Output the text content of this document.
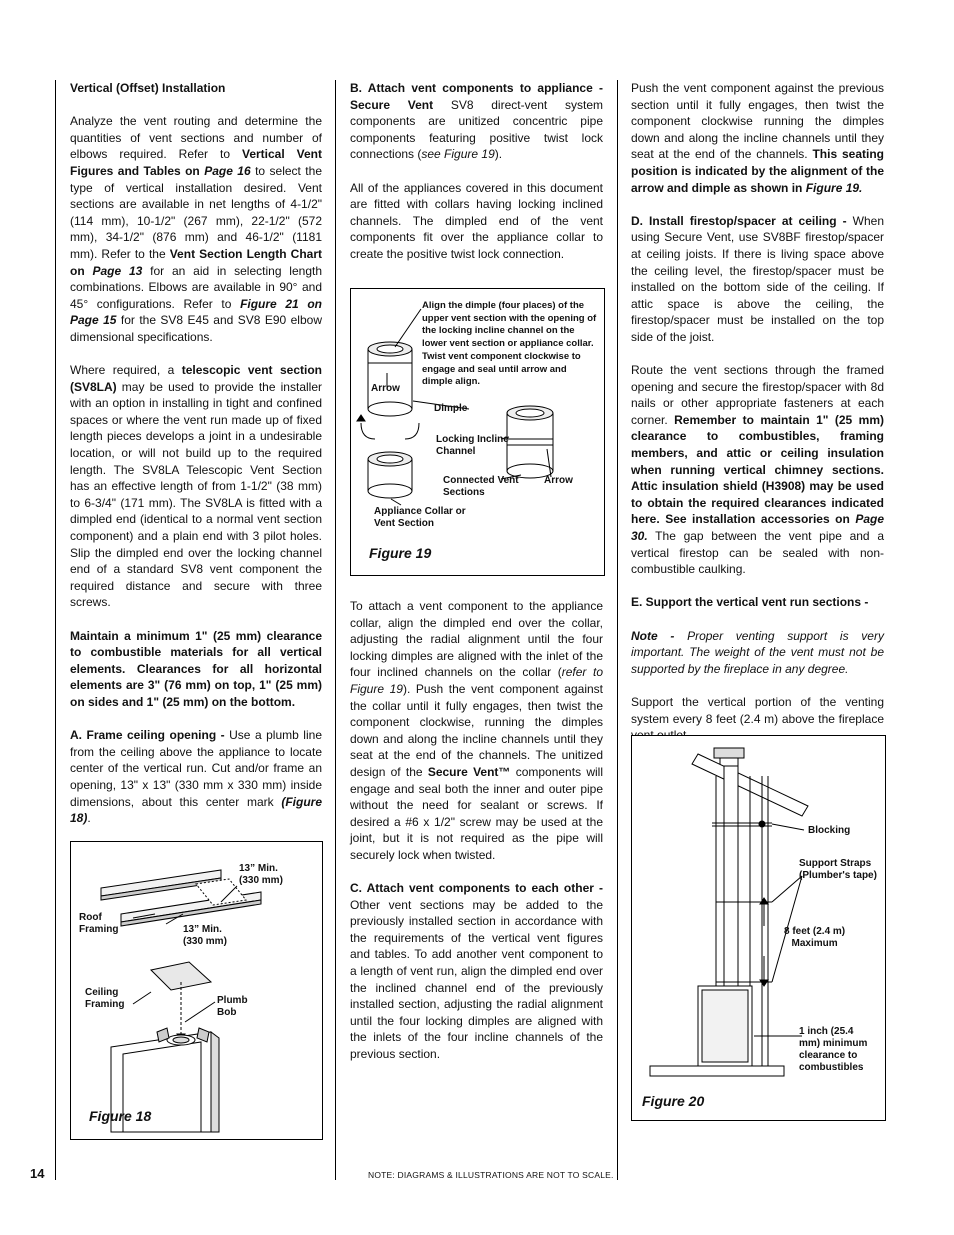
14	NOTE: DIAGRAMS & ILLUSTRATIONS ARE NOT TO SCALE.

Vertical (Offset) Installation

Analyze the vent routing and determine the quantities of vent sections and number of elbows required. Refer to Vertical Vent Figures and Tables on Page 16 to select the type of vertical installation desired. Vent sections are available in net lengths of 4-1/2" (114 mm), 10-1/2" (267 mm), 22-1/2" (572 mm), 34-1/2" (876 mm) and 46-1/2" (1181 mm). Refer to the Vent Section Length Chart on Page 13 for an aid in selecting length combinations. Elbows are available in 90° and 45° configurations. Refer to Figure 21 on Page 15 for the SV8 E45 and SV8 E90 elbow dimensional specifications.

Where required, a telescopic vent section (SV8LA) may be used to provide the installer with an option in installing in tight and confined spaces or where the vent run made up of fixed length pieces develops a joint in a undesirable location, or will not build up to the required length. The SV8LA Telescopic Vent Section has an effective length of from 1-1/2" (38 mm) to 6-3/4" (171 mm). The SV8LA is fitted with a dimpled end (identical to a normal vent section component) and a plain end with 3 pilot holes. Slip the dimpled end over the locking channel end of a standard SV8 vent component the required distance and secure with three screws.

Maintain a minimum 1" (25 mm) clearance to combustible materials for all vertical elements. Clearances for all horizontal elements are 3" (76 mm) on top, 1" (25 mm) on sides and 1" (25 mm) on the bottom.

A. Frame ceiling opening - Use a plumb line from the ceiling above the appliance to locate center of the vertical run. Cut and/or frame an opening, 13" x 13" (330 mm x 330 mm) inside dimensions, about this center mark (Figure 18).

B. Attach vent components to appliance - Secure Vent SV8 direct-vent system components are unitized concentric pipe components featuring positive twist lock connections (see Figure 19).

All of the appliances covered in this document are fitted with collars having locking inclined channels. The dimpled end of the vent components fit over the appliance collar to create the positive twist lock connection.

To attach a vent component to the appliance collar, align the dimpled end over the collar, adjusting the radial alignment until the four locking dimples are aligned with the inlet of the four inclined channels on the collar (refer to Figure 19). Push the vent component against the collar until it fully engages, then twist the component clockwise, running the dimples down and along the incline channels until they seat at the end of the channels. The unitized design of the Secure Vent™ components will engage and seal both the inner and outer pipe without the need for sealant or screws. If desired a #6 x 1/2" screw may be used at the joint, but it is not required as the pipe will securely lock when twisted.

C. Attach vent components to each other - Other vent sections may be added to the previously installed section in accordance with the requirements of the vertical vent figures and tables. To add another vent component to a length of vent run, align the dimpled end over the inclined channel end of the previously installed section, adjusting the radial alignment until the four locking dimples are aligned with the inlets of the four incline channels of the previous section.

Push the vent component against the previous section until it fully engages, then twist the component clockwise running the dimples down and along the incline channels until they seat at the end of the channels. This seating position is indicated by the alignment of the arrow and dimple as shown in Figure 19.

D. Install firestop/spacer at ceiling - When using Secure Vent, use SV8BF firestop/spacer at ceiling joists. If there is living space above the ceiling level, the firestop/spacer must be installed on the bottom side of the ceiling. If attic space is above the ceiling, the firestop/spacer must be installed on the top side of the joist.

Route the vent sections through the framed opening and secure the firestop/spacer with 8d nails or other appropriate fasteners at each corner. Remember to maintain 1" (25 mm) clearance to combustibles, framing members, and attic or ceiling insulation when running vertical chimney sections. Attic insulation shield (H3908) may be used to obtain the required clearances indicated here. See installation accessories on Page 30. The gap between the vent pipe and a vertical firestop can be sealed with non-combustible caulking.

E. Support the vertical vent run sections -

Note - Proper venting support is very important. The weight of the vent must not be supported by the fireplace in any degree.

Support the vertical portion of the venting system every 8 feet (2.4 m) above the fireplace

13” Min.
(330 mm)
Roof
Framing	13” Min.
(330 mm)
Ceiling
Framing	Plumb
Bob
Figure 18
Align the dimple (four places) of the upper vent section with the opening of the locking incline channel on the lower vent section or appliance collar. Twist vent component clockwise to engage and seal until arrow and dimple align.
Arrow
Dimple
Locking Incline
Channel
Connected Vent
Sections
Arrow
Appliance Collar or
Vent Section
Figure 19
Blocking
Support Straps
(Plumber's tape)
8 feet (2.4 m)
Maximum
1 inch (25.4
mm) minimum
clearance to
combustibles
Figure 20
